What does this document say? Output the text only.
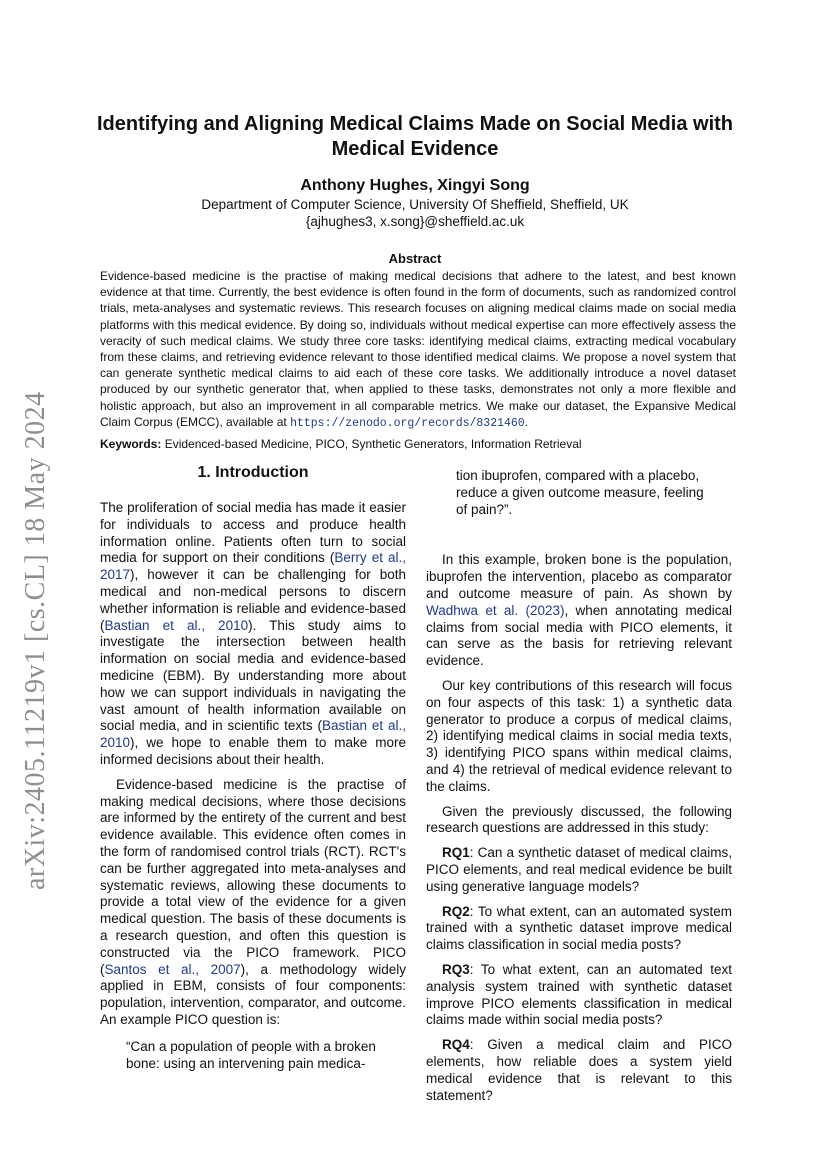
arXiv:2405.11219v1 [cs.CL] 18 May 2024
Identifying and Aligning Medical Claims Made on Social Media with Medical Evidence
Anthony Hughes, Xingyi Song
Department of Computer Science, University Of Sheffield, Sheffield, UK
{ajhughes3, x.song}@sheffield.ac.uk
Abstract
Evidence-based medicine is the practise of making medical decisions that adhere to the latest, and best known evidence at that time. Currently, the best evidence is often found in the form of documents, such as randomized control trials, meta-analyses and systematic reviews. This research focuses on aligning medical claims made on social media platforms with this medical evidence. By doing so, individuals without medical expertise can more effectively assess the veracity of such medical claims. We study three core tasks: identifying medical claims, extracting medical vocabulary from these claims, and retrieving evidence relevant to those identified medical claims. We propose a novel system that can generate synthetic medical claims to aid each of these core tasks. We additionally introduce a novel dataset produced by our synthetic generator that, when applied to these tasks, demonstrates not only a more flexible and holistic approach, but also an improvement in all comparable metrics. We make our dataset, the Expansive Medical Claim Corpus (EMCC), available at https://zenodo.org/records/8321460.
Keywords: Evidenced-based Medicine, PICO, Synthetic Generators, Information Retrieval
1. Introduction

The proliferation of social media has made it easier for individuals to access and produce health information online. Patients often turn to social media for support on their conditions (Berry et al., 2017), however it can be challenging for both medical and non-medical persons to discern whether information is reliable and evidence-based (Bastian et al., 2010). This study aims to investigate the intersection between health information on social media and evidence-based medicine (EBM). By understanding more about how we can support individuals in navigating the vast amount of health information available on social media, and in scientific texts (Bastian et al., 2010), we hope to enable them to make more informed decisions about their health.

Evidence-based medicine is the practise of making medical decisions, where those decisions are informed by the entirety of the current and best evidence available. This evidence often comes in the form of randomised control trials (RCT). RCT's can be further aggregated into meta-analyses and systematic reviews, allowing these documents to provide a total view of the evidence for a given medical question. The basis of these documents is a research question, and often this question is constructed via the PICO framework. PICO (Santos et al., 2007), a methodology widely applied in EBM, consists of four components: population, intervention, comparator, and outcome. An example PICO question is:

“Can a population of people with a broken bone: using an intervening pain medica-

tion ibuprofen, compared with a placebo, reduce a given outcome measure, feeling of pain?”.

In this example, broken bone is the population, ibuprofen the intervention, placebo as comparator and outcome measure of pain. As shown by Wadhwa et al. (2023), when annotating medical claims from social media with PICO elements, it can serve as the basis for retrieving relevant evidence.

Our key contributions of this research will focus on four aspects of this task: 1) a synthetic data generator to produce a corpus of medical claims, 2) identifying medical claims in social media texts, 3) identifying PICO spans within medical claims, and 4) the retrieval of medical evidence relevant to the claims.

Given the previously discussed, the following research questions are addressed in this study:

RQ1: Can a synthetic dataset of medical claims, PICO elements, and real medical evidence be built using generative language models?

RQ2: To what extent, can an automated system trained with a synthetic dataset improve medical claims classification in social media posts?

RQ3: To what extent, can an automated text analysis system trained with synthetic dataset improve PICO elements classification in medical claims made within social media posts?

RQ4: Given a medical claim and PICO elements, how reliable does a system yield medical evidence that is relevant to this statement?
